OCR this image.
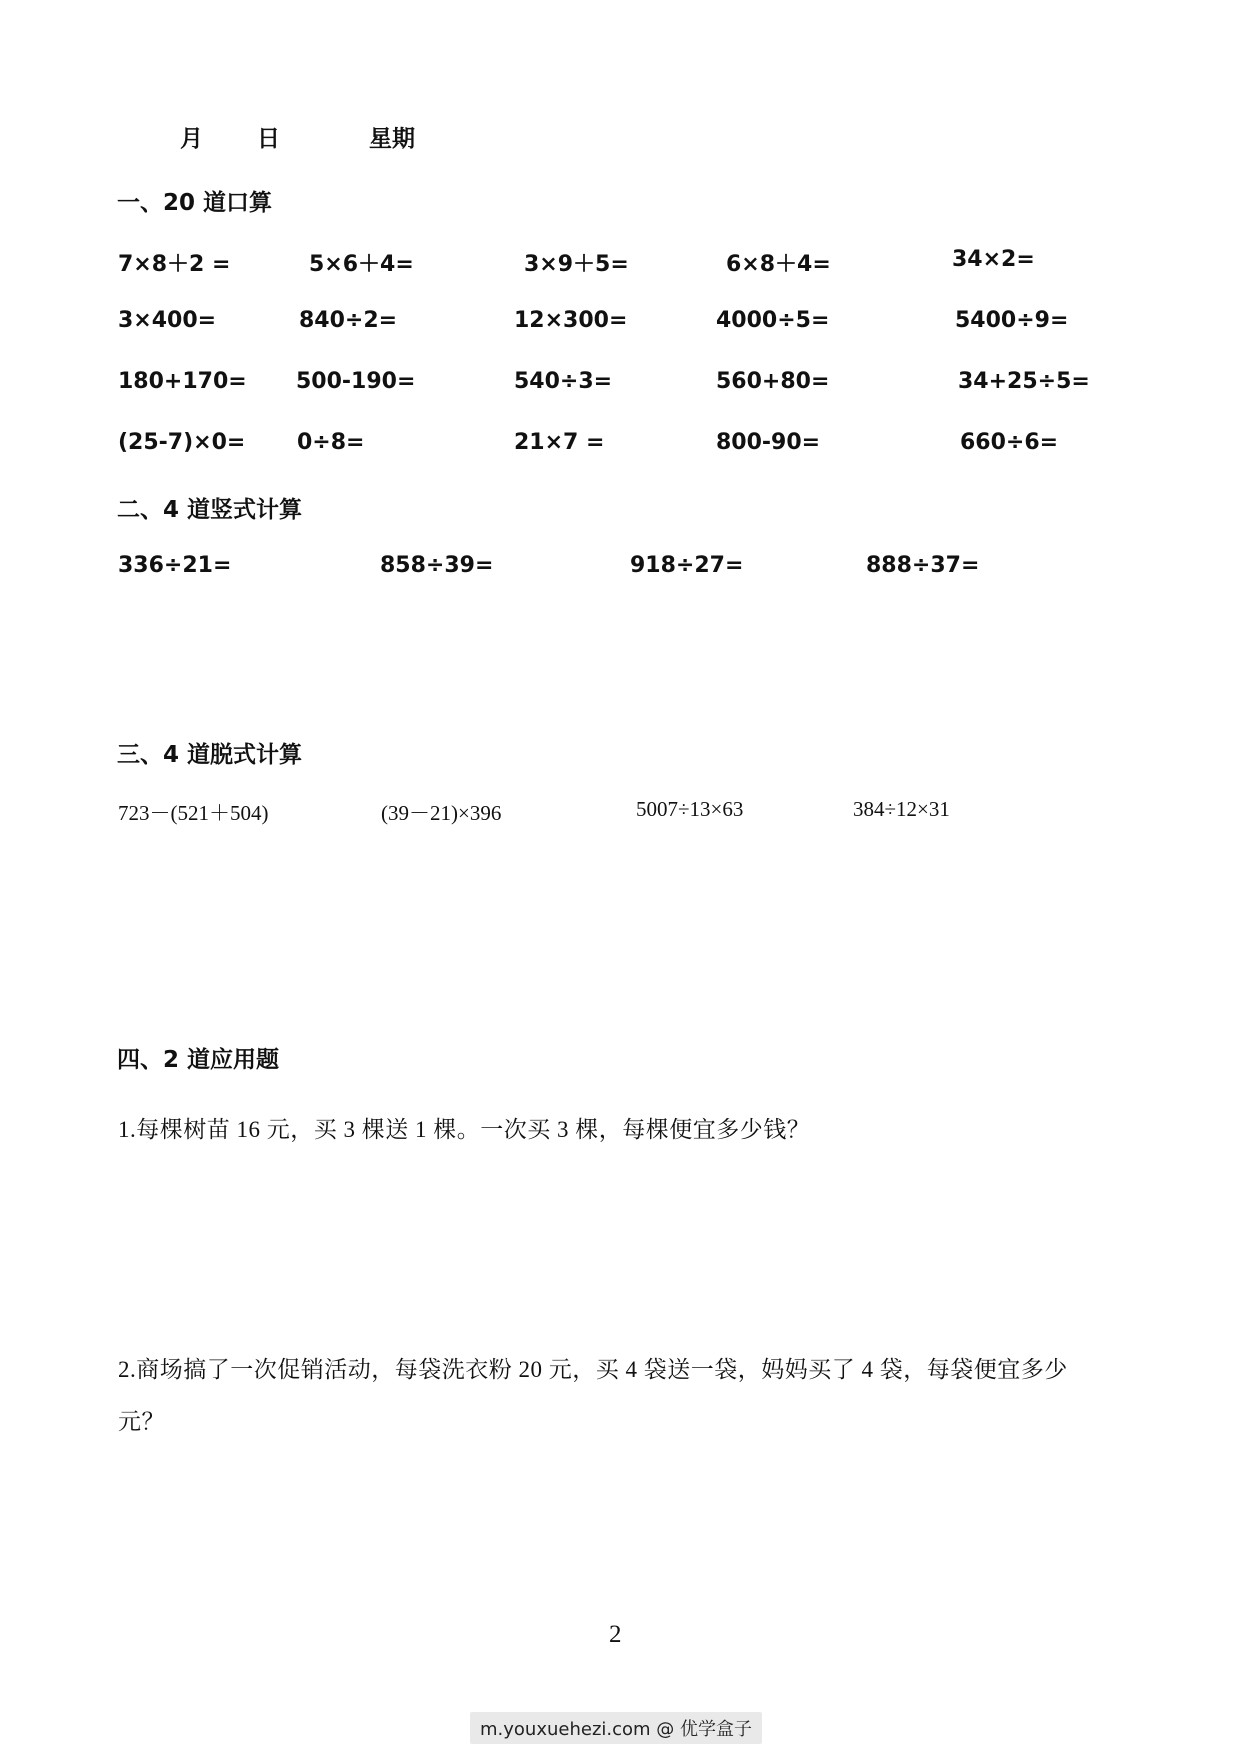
月 日	星期
一、20 道口算
7×8＋2 =	5×6＋4=	3×9＋5=	6×8＋4=	34×2=
3×400=	840÷2=	12×300=	4000÷5=	5400÷9=
180+170= 500-190=	540÷3=	560+80=	34+25÷5=
(25-7)×0= 0÷8=	21×7 =	800-90=	660÷6=
二、4 道竖式计算
336÷21=	858÷39=	918÷27=	888÷37=
三、4 道脱式计算
723－(521＋504)	(39－21)×396	5007÷13×63	384÷12×31
四、2 道应用题
1.每棵树苗 16 元，买 3 棵送 1 棵。一次买 3 棵，每棵便宜多少钱？
2.商场搞了一次促销活动，每袋洗衣粉 20 元，买 4 袋送一袋，妈妈买了 4 袋，每袋便宜多少
元？
2
m.youxuehezi.com @ 优学盒子
